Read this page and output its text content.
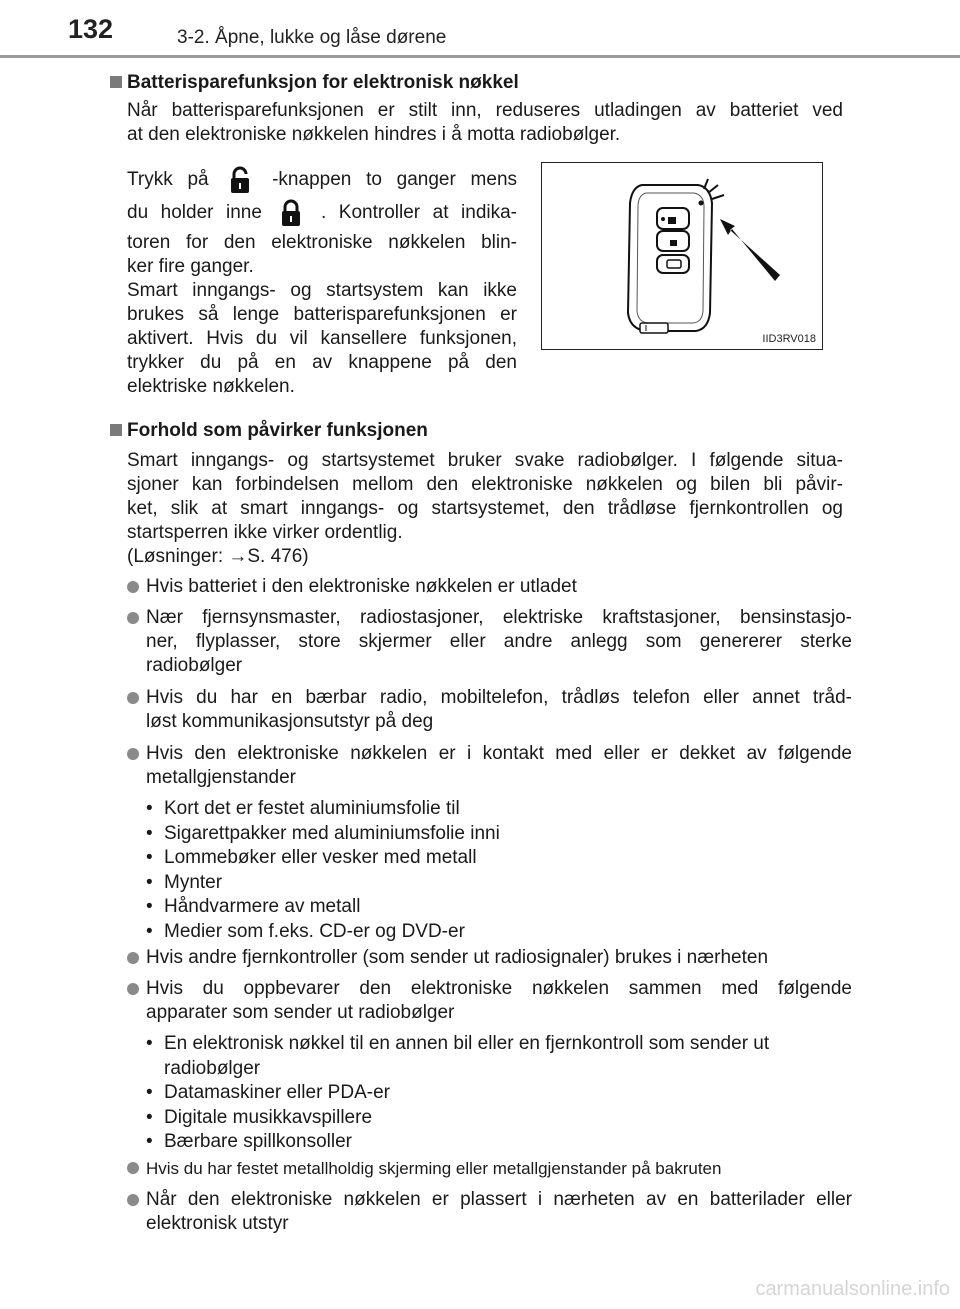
132	3-2. Åpne, lukke og låse dørene
Batterisparefunksjon for elektronisk nøkkel
Når batterisparefunksjonen er stilt inn, reduseres utladingen av batteriet ved
at den elektroniske nøkkelen hindres i å motta radiobølger.
Trykk på	-knappen to ganger mens
du holder inne	. Kontroller at indika-
toren for den elektroniske nøkkelen blin-
ker fire ganger.
Smart inngangs- og startsystem kan ikke
brukes så lenge batterisparefunksjonen er
aktivert. Hvis du vil kansellere funksjonen,
trykker du på en av knappene på den
elektriske nøkkelen.
IID3RV018
Forhold som påvirker funksjonen
Smart inngangs- og startsystemet bruker svake radiobølger. I følgende situa-
sjoner kan forbindelsen mellom den elektroniske nøkkelen og bilen bli påvir-
ket, slik at smart inngangs- og startsystemet, den trådløse fjernkontrollen og
startsperren ikke virker ordentlig.
(Løsninger: →S. 476)
Hvis batteriet i den elektroniske nøkkelen er utladet
Nær fjernsynsmaster, radiostasjoner, elektriske kraftstasjoner, bensinstasjo-
ner, flyplasser, store skjermer eller andre anlegg som genererer sterke
radiobølger
Hvis du har en bærbar radio, mobiltelefon, trådløs telefon eller annet tråd-
løst kommunikasjonsutstyr på deg
Hvis den elektroniske nøkkelen er i kontakt med eller er dekket av følgende
metallgjenstander
• Kort det er festet aluminiumsfolie til
• Sigarettpakker med aluminiumsfolie inni
• Lommebøker eller vesker med metall
• Mynter
• Håndvarmere av metall
• Medier som f.eks. CD-er og DVD-er
Hvis andre fjernkontroller (som sender ut radiosignaler) brukes i nærheten
Hvis du oppbevarer den elektroniske nøkkelen sammen med følgende
apparater som sender ut radiobølger
• En elektronisk nøkkel til en annen bil eller en fjernkontroll som sender ut
radiobølger
• Datamaskiner eller PDA-er
• Digitale musikkavspillere
• Bærbare spillkonsoller
Hvis du har festet metallholdig skjerming eller metallgjenstander på bakruten
Når den elektroniske nøkkelen er plassert i nærheten av en batterilader eller
elektronisk utstyr
carmanualsonline.info
